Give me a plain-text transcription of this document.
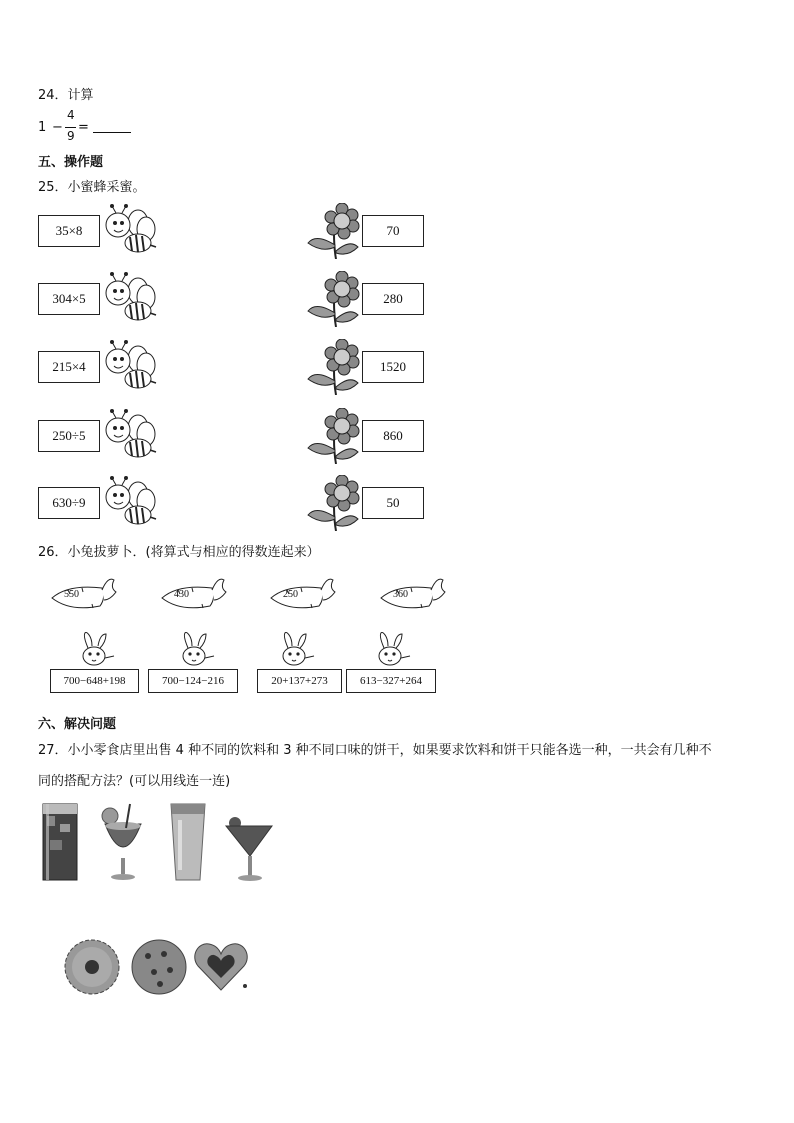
24．计算
1 −
4
9
=
五、操作题
25．小蜜蜂采蜜。
35×8	70
304×5	280
215×4	1520
250÷5	860
630÷9	50
26．小兔拔萝卜．(将算式与相应的得数连起来）
550	430	250	360
700−648+198	700−124−216	20+137+273	613−327+264
六、解决问题
27．小小零食店里出售 4 种不同的饮料和 3 种不同口味的饼干，如果要求饮料和饼干只能各选一种，一共会有几种不
同的搭配方法？(可以用线连一连)
